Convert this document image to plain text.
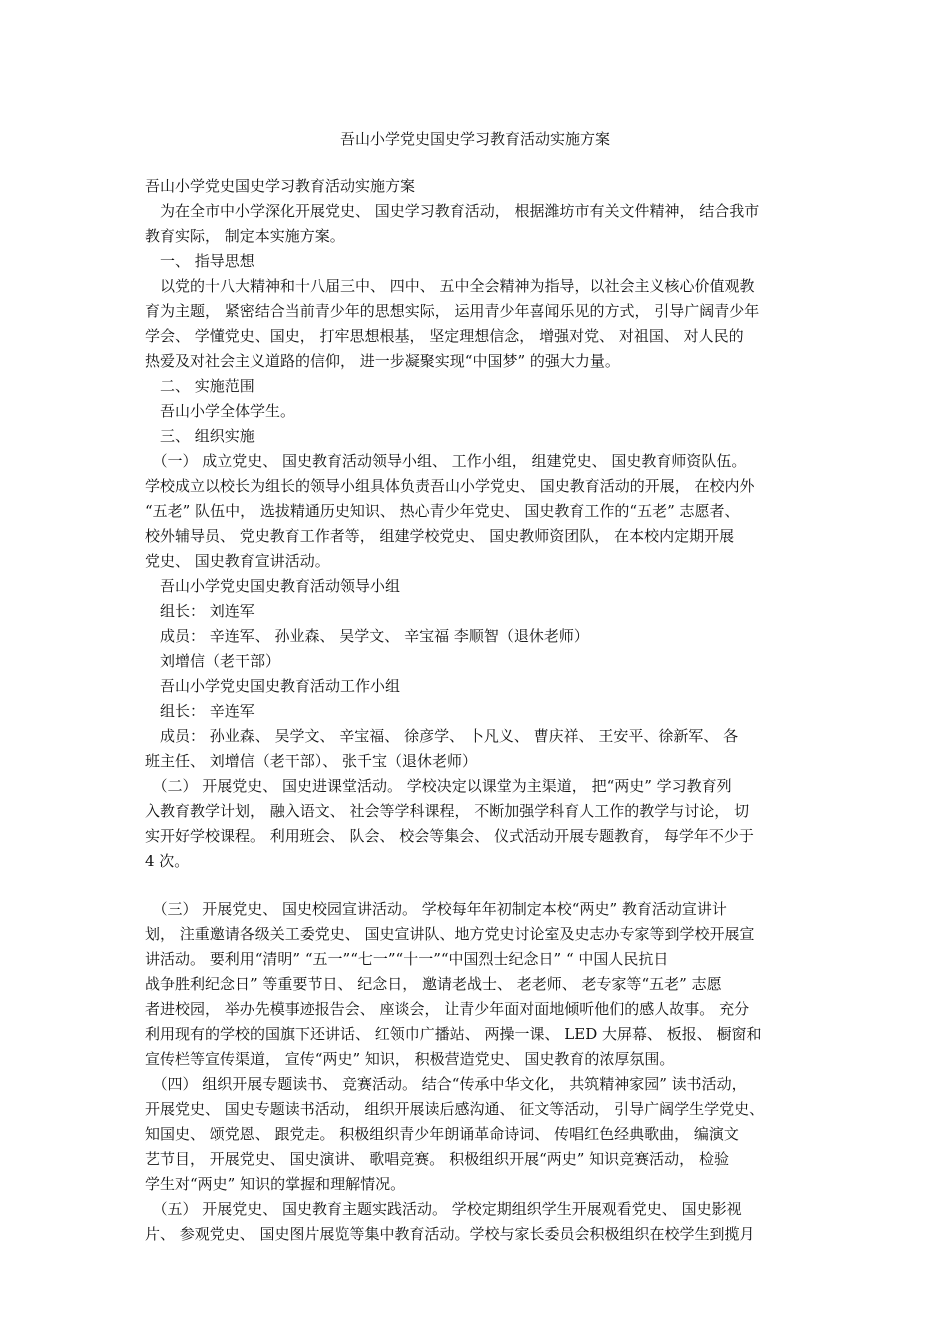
吾山小学党史国史学习教育活动实施方案
吾山小学党史国史学习教育活动实施方案
　为在全市中小学深化开展党史、 国史学习教育活动， 根据潍坊市有关文件精神， 结合我市
教育实际， 制定本实施方案。
　一、 指导思想
　以党的十八大精神和十八届三中、 四中、 五中全会精神为指导，以社会主义核心价值观教
育为主题， 紧密结合当前青少年的思想实际， 运用青少年喜闻乐见的方式， 引导广阔青少年
学会、 学懂党史、国史， 打牢思想根基， 坚定理想信念， 增强对党、 对祖国、 对人民的
热爱及对社会主义道路的信仰， 进一步凝聚实现“中国梦” 的强大力量。
　二、 实施范围
　吾山小学全体学生。
　三、 组织实施
　（一） 成立党史、 国史教育活动领导小组、 工作小组， 组建党史、 国史教育师资队伍。
学校成立以校长为组长的领导小组具体负责吾山小学党史、 国史教育活动的开展， 在校内外
“五老” 队伍中， 选拔精通历史知识、 热心青少年党史、 国史教育工作的“五老” 志愿者、
校外辅导员、 党史教育工作者等， 组建学校党史、 国史教师资团队， 在本校内定期开展
党史、 国史教育宣讲活动。
　吾山小学党史国史教育活动领导小组
　组长： 刘连军
　成员： 辛连军、 孙业森、 吴学文、 辛宝福 李顺智（退休老师）
　刘增信（老干部）
　吾山小学党史国史教育活动工作小组
　组长： 辛连军
　成员： 孙业森、 吴学文、 辛宝福、 徐彦学、 卜凡义、 曹庆祥、 王安平、徐新军、 各
班主任、 刘增信（老干部）、 张千宝（退休老师）
　（二） 开展党史、 国史进课堂活动。 学校决定以课堂为主渠道， 把“两史” 学习教育列
入教育教学计划， 融入语文、 社会等学科课程， 不断加强学科育人工作的教学与讨论， 切
实开好学校课程。 利用班会、 队会、 校会等集会、 仪式活动开展专题教育， 每学年不少于
4 次。
　（三） 开展党史、 国史校园宣讲活动。 学校每年年初制定本校“两史” 教育活动宣讲计
划， 注重邀请各级关工委党史、 国史宣讲队、地方党史讨论室及史志办专家等到学校开展宣
讲活动。 要利用“清明” “五一”“七一”“十一”“中国烈士纪念日” “ 中国人民抗日
战争胜利纪念日” 等重要节日、 纪念日， 邀请老战士、 老老师、 老专家等“五老” 志愿
者进校园， 举办先模事迹报告会、 座谈会， 让青少年面对面地倾听他们的感人故事。 充分
利用现有的学校的国旗下还讲话、 红领巾广播站、 两操一课、 LED 大屏幕、 板报、 橱窗和
宣传栏等宣传渠道， 宣传“两史” 知识， 积极营造党史、 国史教育的浓厚氛围。
　（四） 组织开展专题读书、 竞赛活动。 结合“传承中华文化， 共筑精神家园” 读书活动，
开展党史、 国史专题读书活动， 组织开展读后感沟通、 征文等活动， 引导广阔学生学党史、
知国史、 颂党恩、 跟党走。 积极组织青少年朗诵革命诗词、 传唱红色经典歌曲， 编演文
艺节目， 开展党史、 国史演讲、 歌唱竞赛。 积极组织开展“两史” 知识竞赛活动， 检验
学生对“两史” 知识的掌握和理解情况。
　（五） 开展党史、 国史教育主题实践活动。 学校定期组织学生开展观看党史、 国史影视
片、 参观党史、 国史图片展览等集中教育活动。学校与家长委员会积极组织在校学生到揽月
